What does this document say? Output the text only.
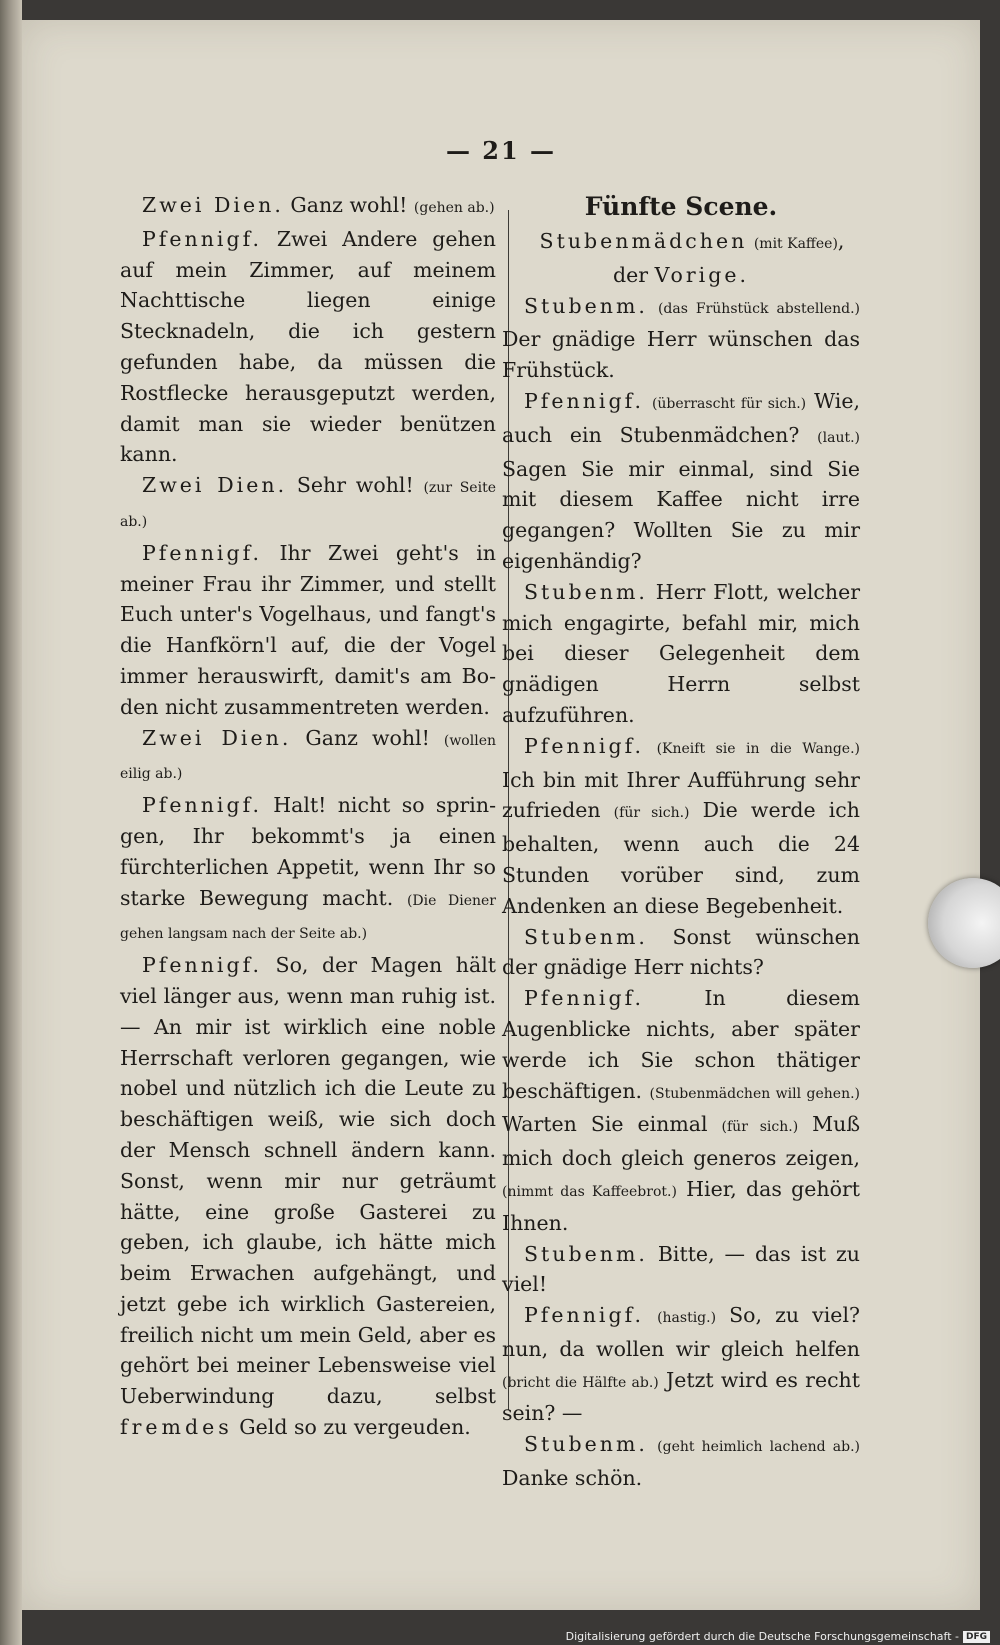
— 21 —

Zwei Dien. Ganz wohl! (gehen ab.)

Pfennigf. Zwei Andere gehen auf mein Zimmer, auf meinem Nachttische liegen einige Stecknadeln, die ich gestern gefunden habe, da müssen die Rostflecke herausgeputzt werden, damit man sie wieder benützen kann.

Zwei Dien. Sehr wohl! (zur Seite ab.)

Pfennigf. Ihr Zwei geht's in meiner Frau ihr Zimmer, und stellt Euch unter's Vogelhaus, und fangt's die Hanfkörn'l auf, die der Vogel immer herauswirft, damit's am Boden nicht zusammentreten werden.

Zwei Dien. Ganz wohl! (wollen eilig ab.)

Pfennigf. Halt! nicht so springen, Ihr bekommt's ja einen fürchterlichen Appetit, wenn Ihr so starke Bewegung macht. (Die Diener gehen langsam nach der Seite ab.)

Pfennigf. So, der Magen hält viel länger aus, wenn man ruhig ist. — An mir ist wirklich eine noble Herrschaft verloren gegangen, wie nobel und nützlich ich die Leute zu beschäftigen weiß, wie sich doch der Mensch schnell ändern kann. Sonst, wenn mir nur geträumt hätte, eine große Gasterei zu geben, ich glaube, ich hätte mich beim Erwachen aufgehängt, und jetzt gebe ich wirklich Gastereien, freilich nicht um mein Geld, aber es gehört bei meiner Lebensweise viel Ueberwindung dazu, selbst fremdes Geld so zu vergeuden.

Fünfte Scene.

Stubenmädchen (mit Kaffee), der Vorige.

Stubenm. (das Frühstück abstellend.) Der gnädige Herr wünschen das Frühstück.

Pfennigf. (überrascht für sich.) Wie, auch ein Stubenmädchen? (laut.) Sagen Sie mir einmal, sind Sie mit diesem Kaffee nicht irre gegangen? Wollten Sie zu mir eigenhändig?

Stubenm. Herr Flott, welcher mich engagirte, befahl mir, mich bei dieser Gelegenheit dem gnädigen Herrn selbst aufzuführen.

Pfennigf. (Kneift sie in die Wange.) Ich bin mit Ihrer Aufführung sehr zufrieden (für sich.) Die werde ich behalten, wenn auch die 24 Stunden vorüber sind, zum Andenken an diese Begebenheit.

Stubenm. Sonst wünschen der gnädige Herr nichts?

Pfennigf. In diesem Augenblicke nichts, aber später werde ich Sie schon thätiger beschäftigen. (Stubenmädchen will gehen.) Warten Sie einmal (für sich.) Muß mich doch gleich generos zeigen, (nimmt das Kaffeebrot.) Hier, das gehört Ihnen.

Stubenm. Bitte, — das ist zu viel!

Pfennigf. (hastig.) So, zu viel? nun, da wollen wir gleich helfen (bricht die Hälfte ab.) Jetzt wird es recht sein? —

Stubenm. (geht heimlich lachend ab.) Danke schön.

Digitalisierung gefördert durch die Deutsche Forschungsgemeinschaft - DFG
